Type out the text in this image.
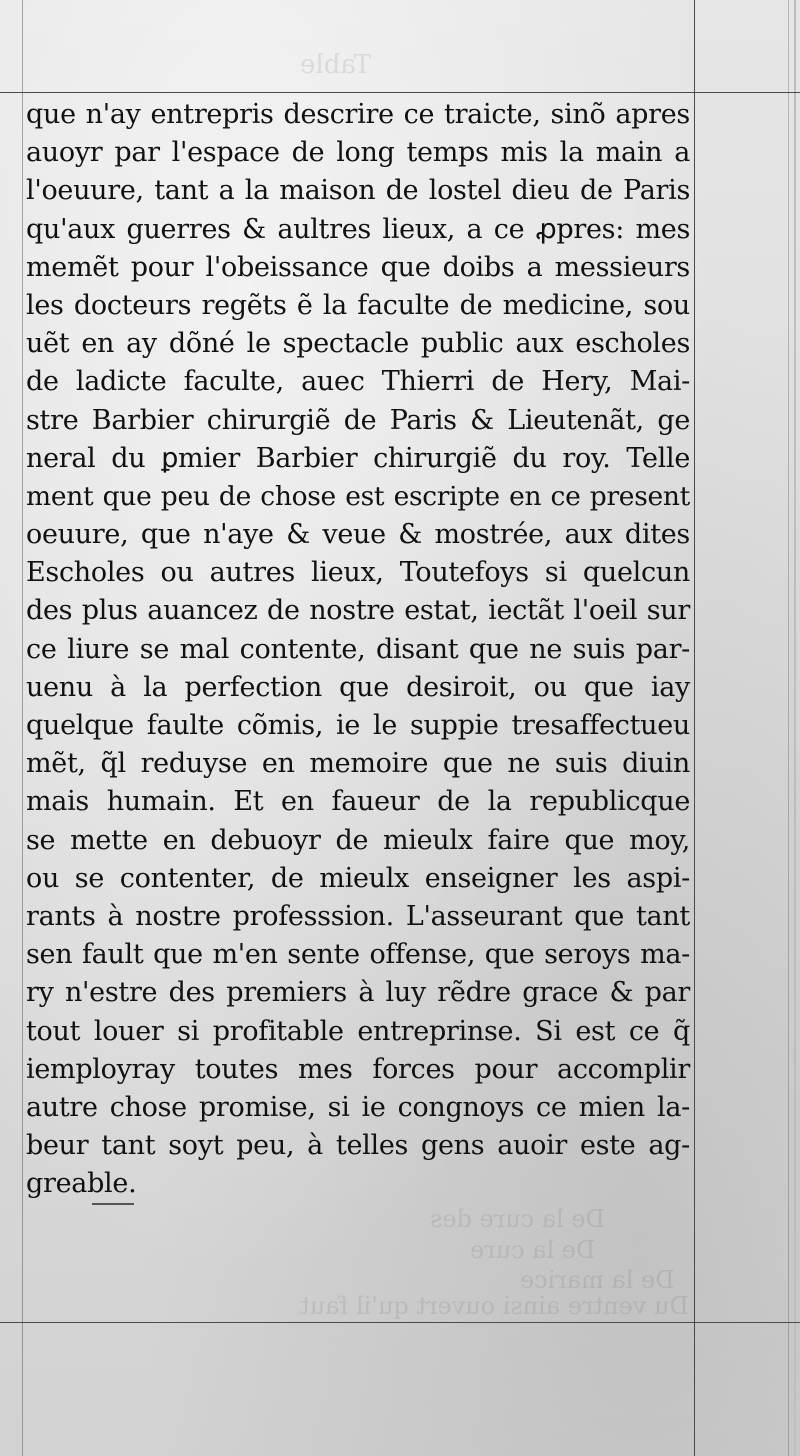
Table
De la cure des
De la cure
De la marice
Du ventre ainsi ouvert qu'il faut
que n'ay entrepris descrire ce traicte, sinõ apres
auoyr par l'espace de long temps mis la main a
l'oeuure, tant a la maison de lostel dieu de Paris
qu'aux guerres & aultres lieux, a ce ꝓpres: mes
memẽt pour l'obeissance que doibs a messieurs
les docteurs regẽts ẽ la faculte de medicine, sou
uẽt en ay dõné le spectacle public aux escholes
de ladicte faculte, auec Thierri de Hery, Mai-
stre Barbier chirurgiẽ de Paris & Lieutenãt, ge
neral du ꝑmier Barbier chirurgiẽ du roy. Telle
ment que peu de chose est escripte en ce present
oeuure, que n'aye & veue & mostrée, aux dites
Escholes ou autres lieux, Toutefoys si quelcun
des plus auancez de nostre estat, iectãt l'oeil sur
ce liure se mal contente, disant que ne suis par-
uenu à la perfection que desiroit, ou que iay
quelque faulte cõmis, ie le suppie tresaffectueu
mẽt, q̃l reduyse en memoire que ne suis diuin
mais humain. Et en faueur de la republicque
se mette en debuoyr de mieulx faire que moy,
ou se contenter, de mieulx enseigner les aspi-
rants à nostre professsion. L'asseurant que tant
sen fault que m'en sente offense, que seroys ma-
ry n'estre des premiers à luy rẽdre grace & par
tout louer si profitable entreprinse. Si est ce q̃
iemployray toutes mes forces pour accomplir
autre chose promise, si ie congnoys ce mien la-
beur tant soyt peu, à telles gens auoir este ag-
greable.
